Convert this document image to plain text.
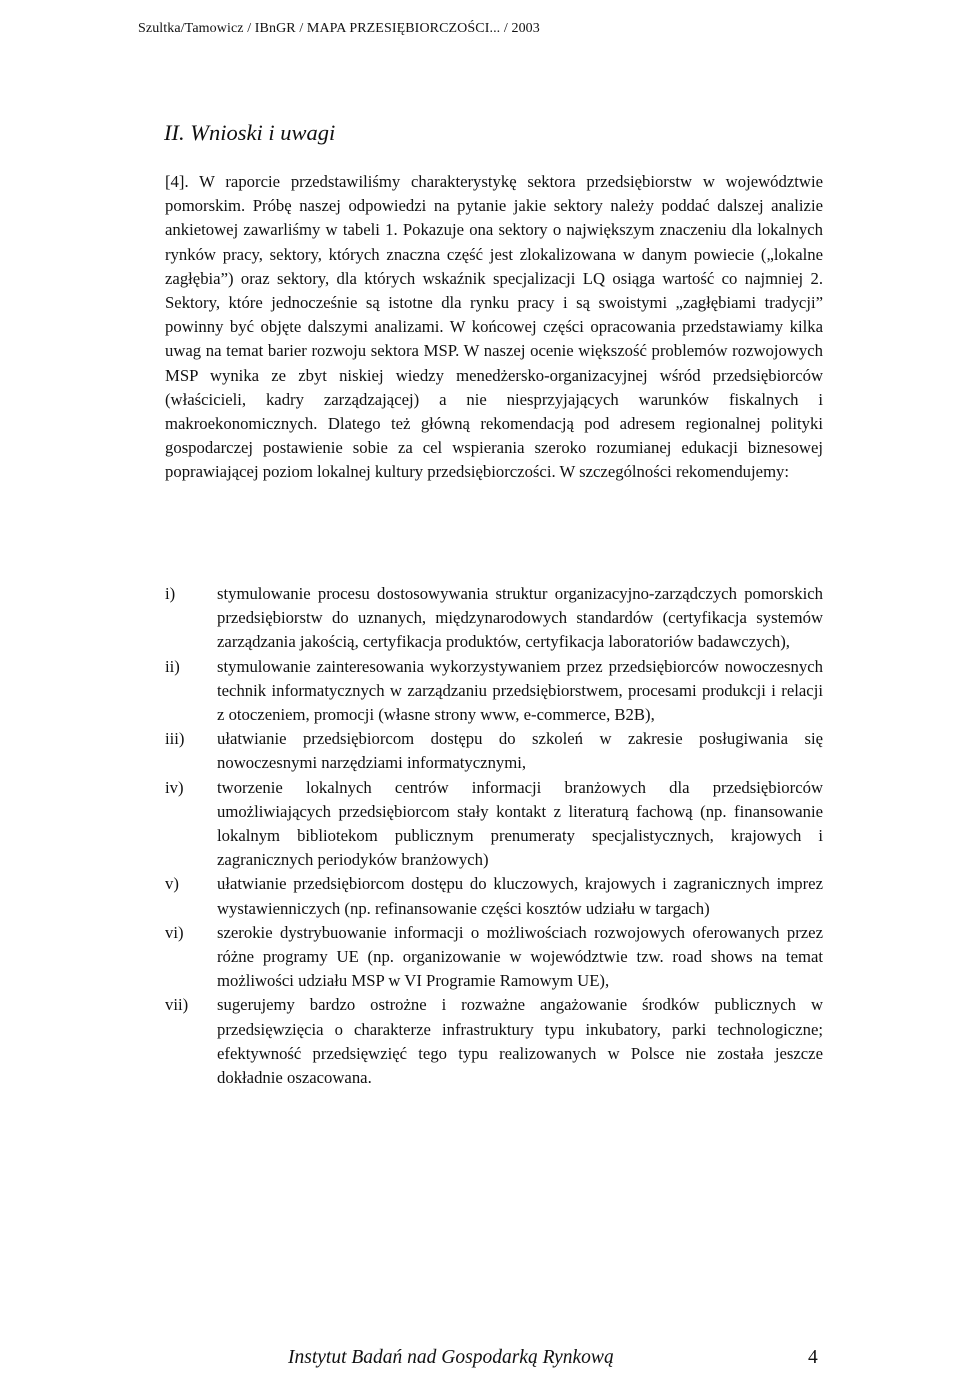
Szultka/Tamowicz / IBnGR / MAPA PRZESIĘBIORCZOŚCI... / 2003
II. Wnioski i uwagi

[4]. W raporcie przedstawiliśmy charakterystykę sektora przedsiębiorstw w województwie pomorskim. Próbę naszej odpowiedzi na pytanie jakie sektory należy poddać dalszej analizie ankietowej zawarliśmy w tabeli 1. Pokazuje ona sektory o największym znaczeniu dla lokalnych rynków pracy, sektory, których znaczna część jest zlokalizowana w danym powiecie („lokalne zagłębia”) oraz sektory, dla których wskaźnik specjalizacji LQ osiąga wartość co najmniej 2. Sektory, które jednocześnie są istotne dla rynku pracy i są swoistymi „zagłębiami tradycji” powinny być objęte dalszymi analizami. W końcowej części opracowania przedstawiamy kilka uwag na temat barier rozwoju sektora MSP. W naszej ocenie większość problemów rozwojowych MSP wynika ze zbyt niskiej wiedzy menedżersko-organizacyjnej wśród przedsiębiorców (właścicieli, kadry zarządzającej) a nie niesprzyjających warunków fiskalnych i makroekonomicznych. Dlatego też główną rekomendacją pod adresem regionalnej polityki gospodarczej postawienie sobie za cel wspierania szeroko rozumianej edukacji biznesowej poprawiającej poziom lokalnej kultury przedsiębiorczości. W szczególności rekomendujemy:

i)	stymulowanie procesu dostosowywania struktur organizacyjno-zarządczych pomorskich przedsiębiorstw do uznanych, międzynarodowych standardów (certyfikacja systemów zarządzania jakością, certyfikacja produktów, certyfikacja laboratoriów badawczych),
ii) stymulowanie zainteresowania wykorzystywaniem przez przedsiębiorców nowoczesnych technik informatycznych w zarządzaniu przedsiębiorstwem, procesami produkcji i relacji z otoczeniem, promocji (własne strony www, e-commerce, B2B),
iii) ułatwianie przedsiębiorcom dostępu do szkoleń w zakresie posługiwania się nowoczesnymi narzędziami informatycznymi,
iv) tworzenie lokalnych centrów informacji branżowych dla przedsiębiorców umożliwiających przedsiębiorcom stały kontakt z literaturą fachową (np. finansowanie lokalnym bibliotekom publicznym prenumeraty specjalistycznych, krajowych i zagranicznych periodyków branżowych)
v) ułatwianie przedsiębiorcom dostępu do kluczowych, krajowych i zagranicznych imprez wystawienniczych (np. refinansowanie części kosztów udziału w targach)
vi) szerokie dystrybuowanie informacji o możliwościach rozwojowych oferowanych przez różne programy UE (np. organizowanie w województwie tzw. road shows na temat możliwości udziału MSP w VI Programie Ramowym UE),
vii) sugerujemy bardzo ostrożne i rozważne angażowanie środków publicznych w przedsięwzięcia o charakterze infrastruktury typu inkubatory, parki technologiczne; efektywność przedsięwzięć tego typu realizowanych w Polsce nie została jeszcze dokładnie oszacowana.
Instytut Badań nad Gospodarką Rynkową	4
